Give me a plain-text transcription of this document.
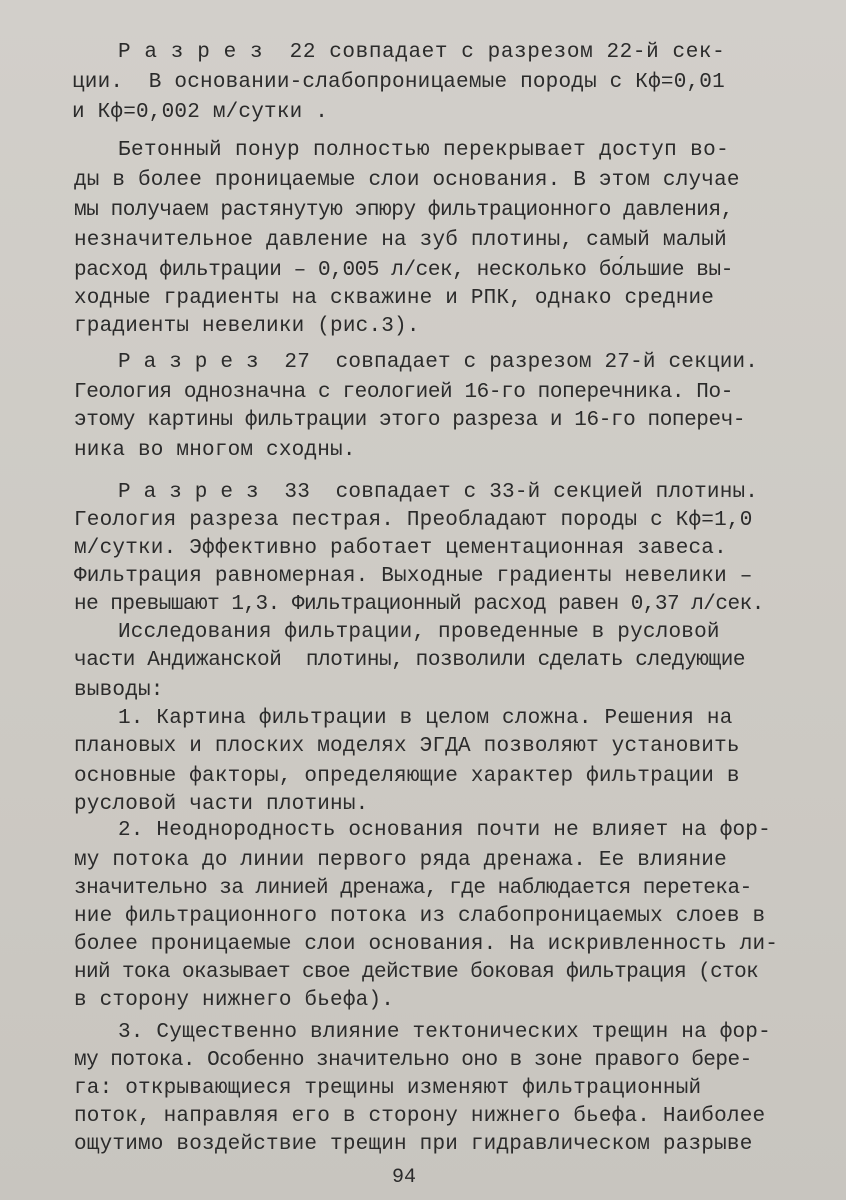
Р а з р е з  22 совпадает с разрезом 22-й сек-
ции.  В основании-слабопроницаемые породы с Кф=0,01
и Кф=0,002 м/сутки .
Бетонный понур полностью перекрывает доступ во-
ды в более проницаемые слои основания. В этом случае
мы получаем растянутую эпюру фильтрационного давления,
незначительное давление на зуб плотины, самый малый
расход фильтрации – 0,005 л/сек, несколько бо́льшие вы-
ходные градиенты на скважине и РПК, однако средние
градиенты невелики (рис.3).
Р а з р е з  27  совпадает с разрезом 27-й секции.
Геология однозначна с геологией 16-го поперечника. По-
этому картины фильтрации этого разреза и 16-го попереч-
ника во многом сходны.
Р а з р е з  33  совпадает с 33-й секцией плотины.
Геология разреза пестрая. Преобладают породы с Кф=1,0
м/сутки. Эффективно работает цементационная завеса.
Фильтрация равномерная. Выходные градиенты невелики –
не превышают 1,3. Фильтрационный расход равен 0,37 л/сек.
Исследования фильтрации, проведенные в русловой
части Андижанской  плотины, позволили сделать следующие
выводы:
1. Картина фильтрации в целом сложна. Решения на
плановых и плоских моделях ЭГДА позволяют установить
основные факторы, определяющие характер фильтрации в
русловой части плотины.
2. Неоднородность основания почти не влияет на фор-
му потока до линии первого ряда дренажа. Ее влияние
значительно за линией дренажа, где наблюдается перетека-
ние фильтрационного потока из слабопроницаемых слоев в
более проницаемые слои основания. На искривленность ли-
ний тока оказывает свое действие боковая фильтрация (сток
в сторону нижнего бьефа).
3. Существенно влияние тектонических трещин на фор-
му потока. Особенно значительно оно в зоне правого бере-
га: открывающиеся трещины изменяют фильтрационный
поток, направляя его в сторону нижнего бьефа. Наиболее
ощутимо воздействие трещин при гидравлическом разрыве
94
